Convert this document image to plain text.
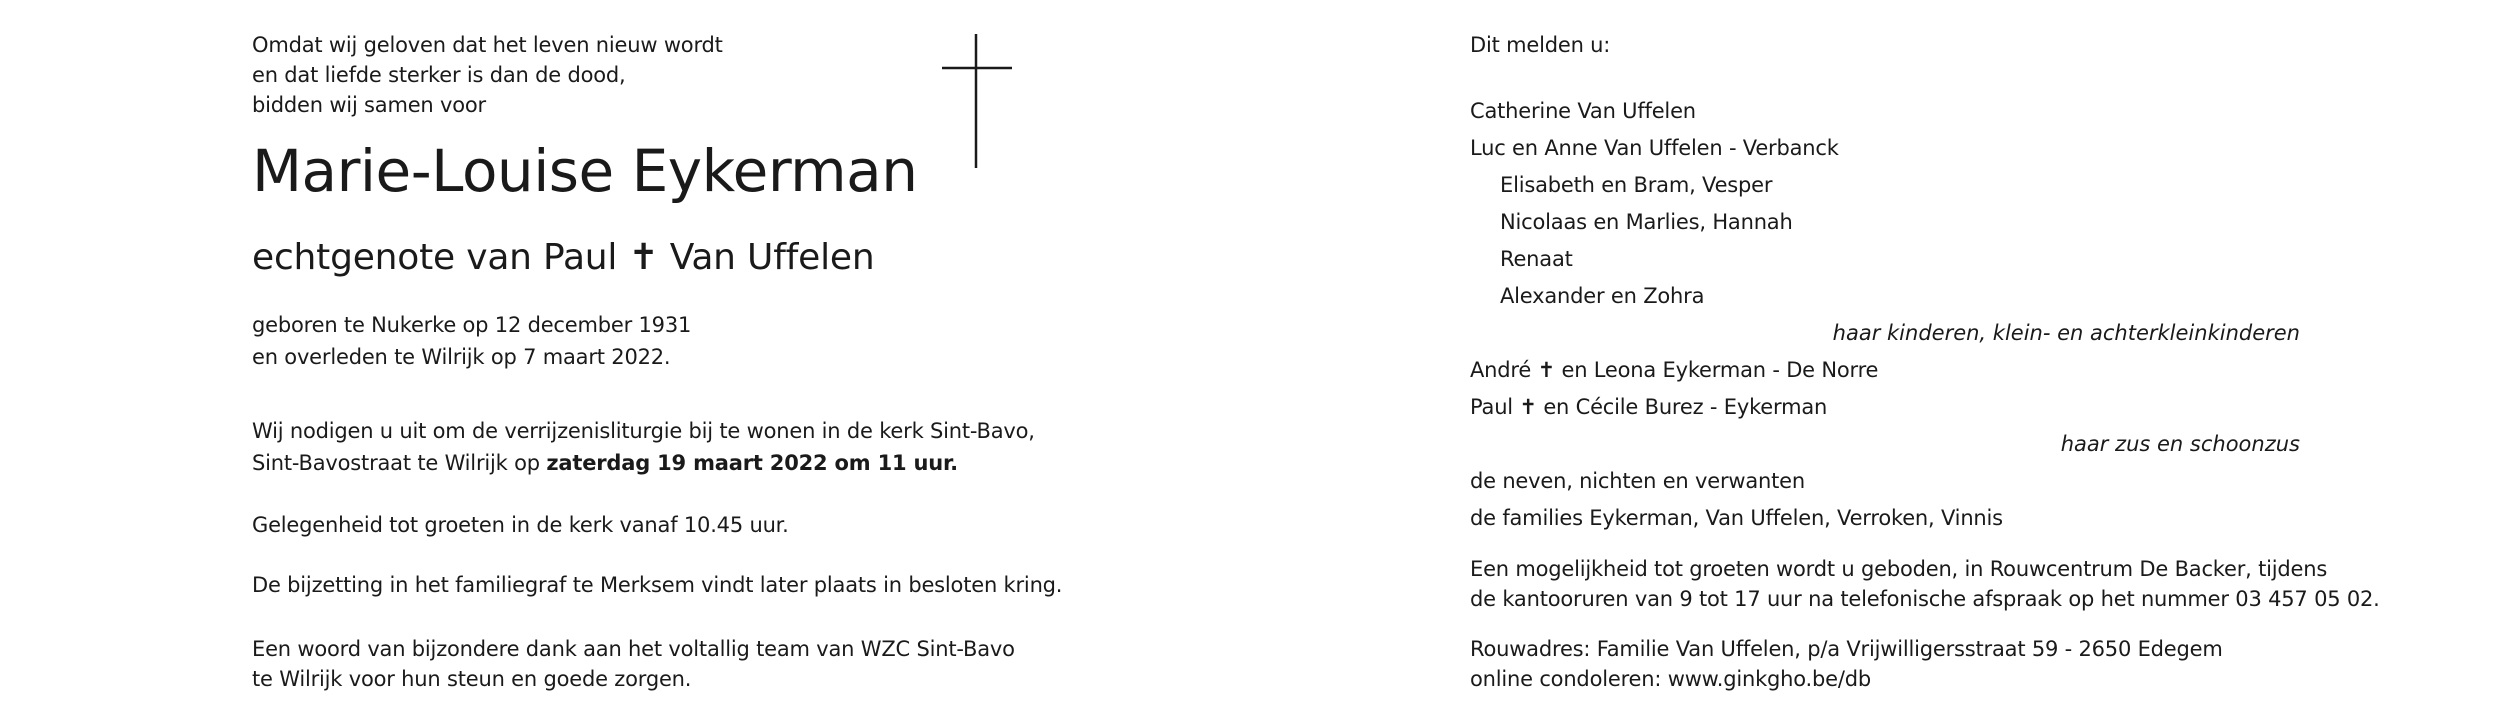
Omdat wij geloven dat het leven nieuw wordt
en dat liefde sterker is dan de dood,
bidden wij samen voor
Marie-Louise Eykerman
echtgenote van Paul ✝ Van Uffelen
geboren te Nukerke op 12 december 1931
en overleden te Wilrijk op 7 maart 2022.
Wij nodigen u uit om de verrijzenisliturgie bij te wonen in de kerk Sint-Bavo,
Sint-Bavostraat te Wilrijk op zaterdag 19 maart 2022 om 11 uur.
Gelegenheid tot groeten in de kerk vanaf 10.45 uur.
De bijzetting in het familiegraf te Merksem vindt later plaats in besloten kring.
Een woord van bijzondere dank aan het voltallig team van WZC Sint-Bavo
te Wilrijk voor hun steun en goede zorgen.
Dit melden u:
Catherine Van Uffelen
Luc en Anne Van Uffelen - Verbanck
Elisabeth en Bram, Vesper
Nicolaas en Marlies, Hannah
Renaat
Alexander en Zohra
haar kinderen, klein- en achterkleinkinderen
André ✝ en Leona Eykerman - De Norre
Paul ✝ en Cécile Burez - Eykerman
haar zus en schoonzus
de neven, nichten en verwanten
de families Eykerman, Van Uffelen, Verroken, Vinnis
Een mogelijkheid tot groeten wordt u geboden, in Rouwcentrum De Backer, tijdens
de kantooruren van 9 tot 17 uur na telefonische afspraak op het nummer 03 457 05 02.
Rouwadres: Familie Van Uffelen, p/a Vrijwilligersstraat 59 - 2650 Edegem
online condoleren: www.ginkgho.be/db
